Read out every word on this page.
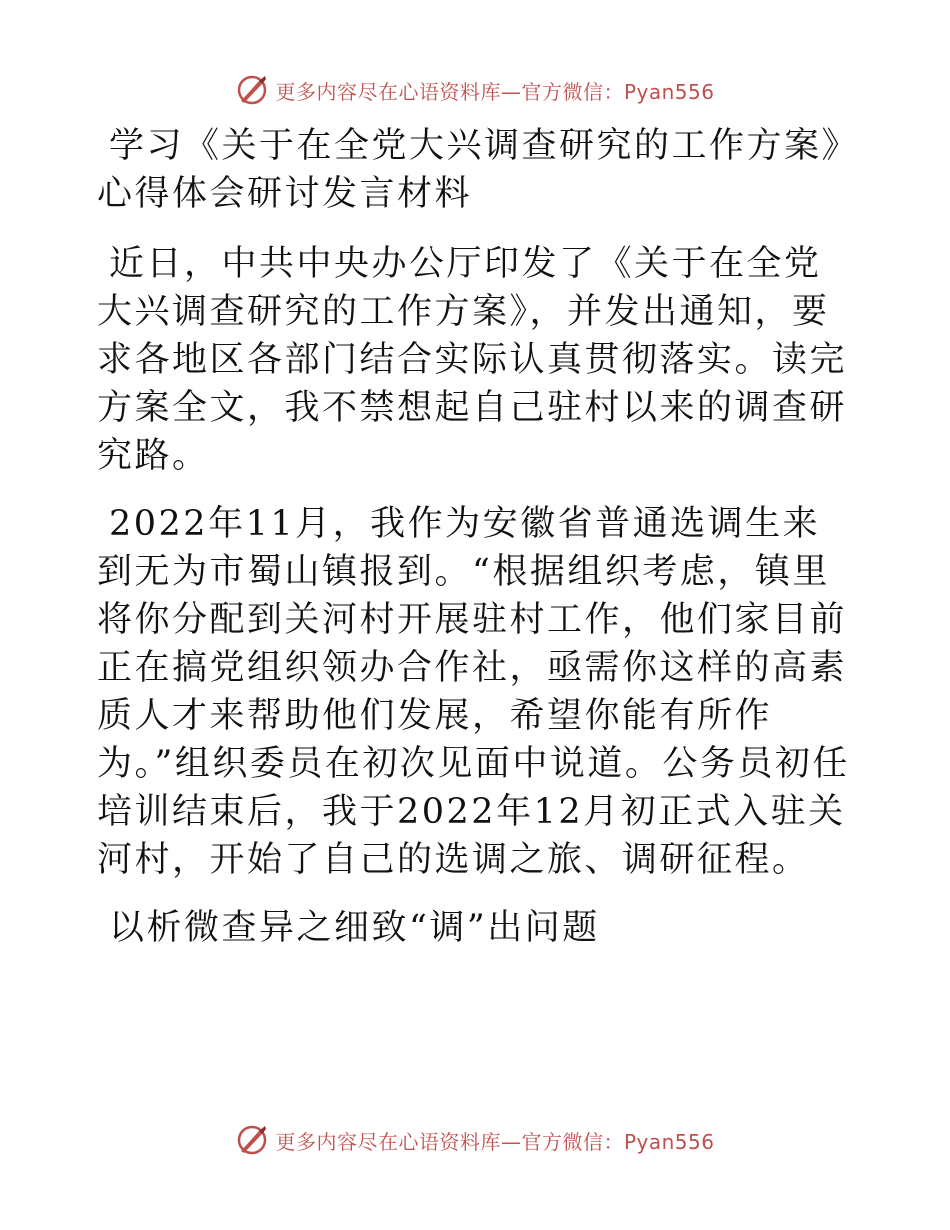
更多内容尽在心语资料库—官方微信：Pyan556

学习《关于在全党大兴调查研究的工作方案》心得体会研讨发言材料

近日，中共中央办公厅印发了《关于在全党大兴调查研究的工作方案》，并发出通知，要求各地区各部门结合实际认真贯彻落实。读完方案全文，我不禁想起自己驻村以来的调查研究路。

2022年11月，我作为安徽省普通选调生来到无为市蜀山镇报到。“根据组织考虑，镇里将你分配到关河村开展驻村工作，他们家目前正在搞党组织领办合作社，亟需你这样的高素质人才来帮助他们发展，希望你能有所作为。”组织委员在初次见面中说道。公务员初任培训结束后，我于2022年12月初正式入驻关河村，开始了自己的选调之旅、调研征程。

以析微查异之细致“调”出问题

更多内容尽在心语资料库—官方微信：Pyan556
